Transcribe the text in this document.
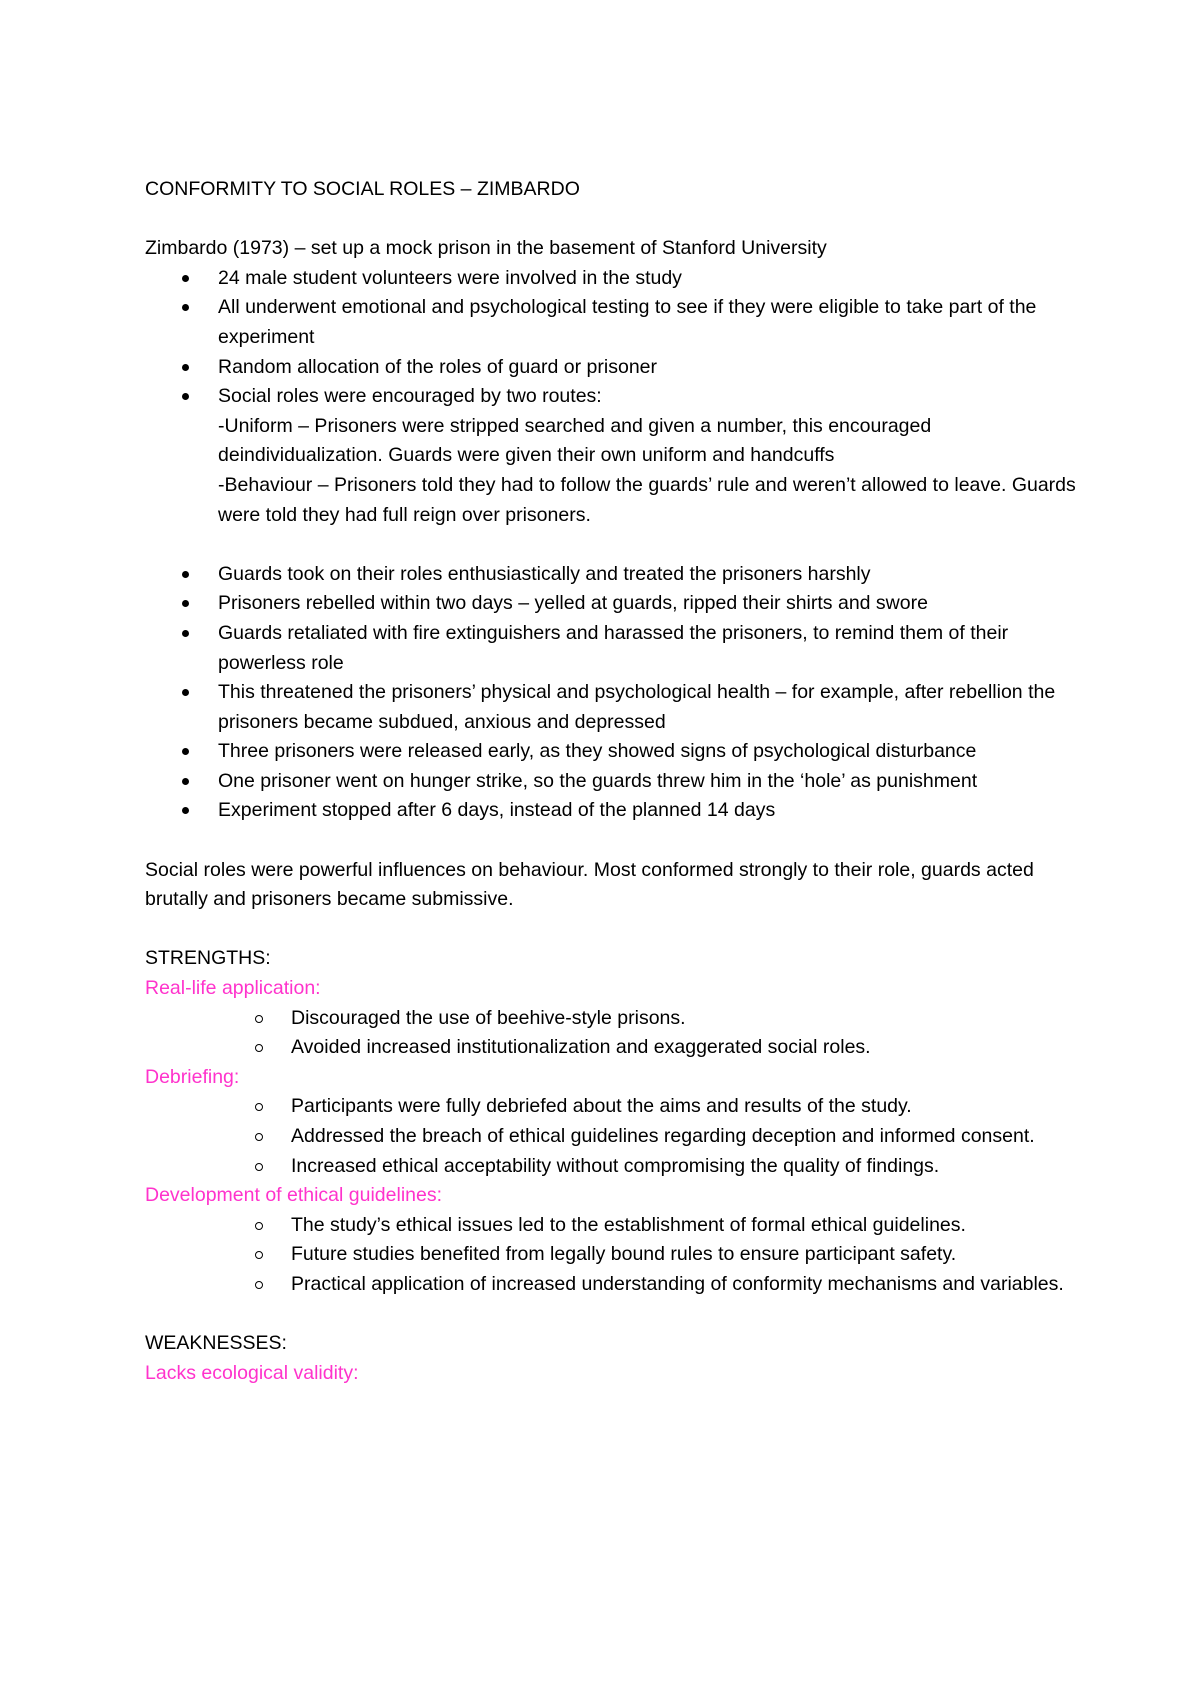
CONFORMITY TO SOCIAL ROLES – ZIMBARDO

Zimbardo (1973) – set up a mock prison in the basement of Stanford University

24 male student volunteers were involved in the study
All underwent emotional and psychological testing to see if they were eligible to take part of the experiment
Random allocation of the roles of guard or prisoner
Social roles were encouraged by two routes:
-Uniform – Prisoners were stripped searched and given a number, this encouraged deindividualization. Guards were given their own uniform and handcuffs
-Behaviour – Prisoners told they had to follow the guards’ rule and weren’t allowed to leave. Guards were told they had full reign over prisoners.
Guards took on their roles enthusiastically and treated the prisoners harshly
Prisoners rebelled within two days – yelled at guards, ripped their shirts and swore
Guards retaliated with fire extinguishers and harassed the prisoners, to remind them of their powerless role
This threatened the prisoners’ physical and psychological health – for example, after rebellion the prisoners became subdued, anxious and depressed
Three prisoners were released early, as they showed signs of psychological disturbance
One prisoner went on hunger strike, so the guards threw him in the ‘hole’ as punishment
Experiment stopped after 6 days, instead of the planned 14 days

Social roles were powerful influences on behaviour. Most conformed strongly to their role, guards acted brutally and prisoners became submissive.

STRENGTHS:

Real-life application:

Discouraged the use of beehive-style prisons.
Avoided increased institutionalization and exaggerated social roles.

Debriefing:

Participants were fully debriefed about the aims and results of the study.
Addressed the breach of ethical guidelines regarding deception and informed consent.
Increased ethical acceptability without compromising the quality of findings.

Development of ethical guidelines:

The study’s ethical issues led to the establishment of formal ethical guidelines.
Future studies benefited from legally bound rules to ensure participant safety.
Practical application of increased understanding of conformity mechanisms and variables.

WEAKNESSES:

Lacks ecological validity:
